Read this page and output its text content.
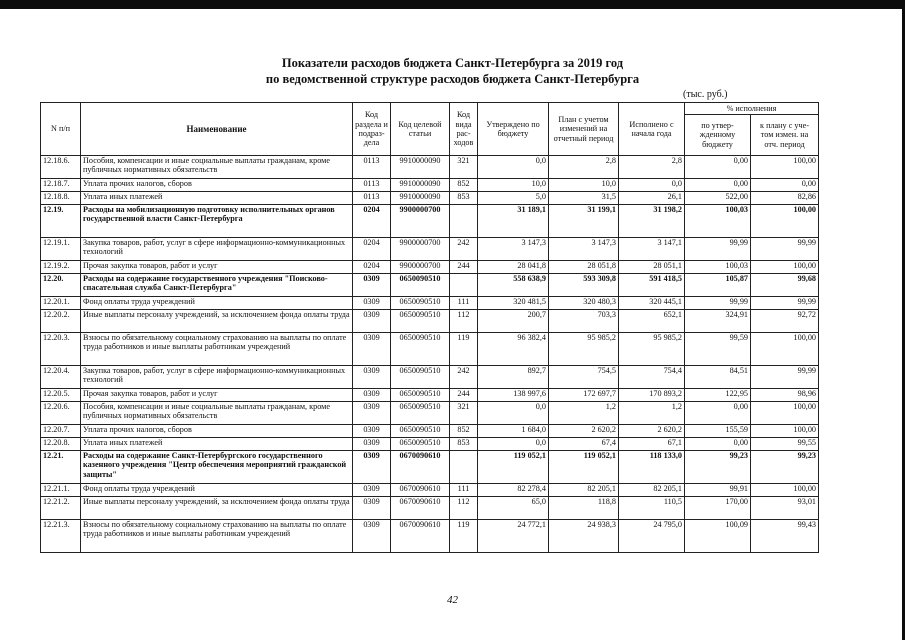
Показатели расходов бюджета Санкт-Петербурга за 2019 год
по ведомственной структуре расходов бюджета Санкт-Петербурга
(тыс. руб.)
N п/п	Наименование	Код раздела и подраз- дела	Код целевой статьи	Код вида рас- ходов	Утверждено по бюджету	План с учетом изменений на отчетный период	Исполнено с начала года	% исполнения	
								по утвер- жденному бюджету	к плану с уче- том измен. на отч. период
12.18.6.	Пособия, компенсации и иные социальные выплаты гражданам, кроме публичных нормативных обязательств	0113	9910000090	321	0,0	2,8	2,8	0,00	100,00
12.18.7.	Уплата прочих налогов, сборов	0113	9910000090	852	10,0	10,0	0,0	0,00	0,00
12.18.8.	Уплата иных платежей	0113	9910000090	853	5,0	31,5	26,1	522,00	82,86
12.19.	Расходы на мобилизационную подготовку исполнительных органов государственной власти Санкт-Петербурга	0204	9900000700		31 189,1	31 199,1	31 198,2	100,03	100,00
12.19.1.	Закупка товаров, работ, услуг в сфере информационно-коммуникационных технологий	0204	9900000700	242	3 147,3	3 147,3	3 147,1	99,99	99,99
12.19.2.	Прочая закупка товаров, работ и услуг	0204	9900000700	244	28 041,8	28 051,8	28 051,1	100,03	100,00
12.20.	Расходы на содержание государственного учреждения "Поисково-спасательная служба Санкт-Петербурга"	0309	0650090510		558 638,9	593 309,8	591 418,5	105,87	99,68
12.20.1.	Фонд оплаты труда учреждений	0309	0650090510	111	320 481,5	320 480,3	320 445,1	99,99	99,99
12.20.2.	Иные выплаты персоналу учреждений, за исключением фонда оплаты труда	0309	0650090510	112	200,7	703,3	652,1	324,91	92,72
12.20.3.	Взносы по обязательному социальному страхованию на выплаты по оплате труда работников и иные выплаты работникам учреждений	0309	0650090510	119	96 382,4	95 985,2	95 985,2	99,59	100,00
12.20.4.	Закупка товаров, работ, услуг в сфере информационно-коммуникационных технологий	0309	0650090510	242	892,7	754,5	754,4	84,51	99,99
12.20.5.	Прочая закупка товаров, работ и услуг	0309	0650090510	244	138 997,6	172 697,7	170 893,2	122,95	98,96
12.20.6.	Пособия, компенсации и иные социальные выплаты гражданам, кроме публичных нормативных обязательств	0309	0650090510	321	0,0	1,2	1,2	0,00	100,00
12.20.7.	Уплата прочих налогов, сборов	0309	0650090510	852	1 684,0	2 620,2	2 620,2	155,59	100,00
12.20.8.	Уплата иных платежей	0309	0650090510	853	0,0	67,4	67,1	0,00	99,55
12.21.	Расходы на содержание Санкт-Петербургского государственного казенного учреждения "Центр обеспечения мероприятий гражданской защиты"	0309	0670090610		119 052,1	119 052,1	118 133,0	99,23	99,23
12.21.1.	Фонд оплаты труда учреждений	0309	0670090610	111	82 278,4	82 205,1	82 205,1	99,91	100,00
12.21.2.	Иные выплаты персоналу учреждений, за исключением фонда оплаты труда	0309	0670090610	112	65,0	118,8	110,5	170,00	93,01
12.21.3.	Взносы по обязательному социальному страхованию на выплаты по оплате труда работников и иные выплаты работникам учреждений	0309	0670090610	119	24 772,1	24 938,3	24 795,0	100,09	99,43
42
